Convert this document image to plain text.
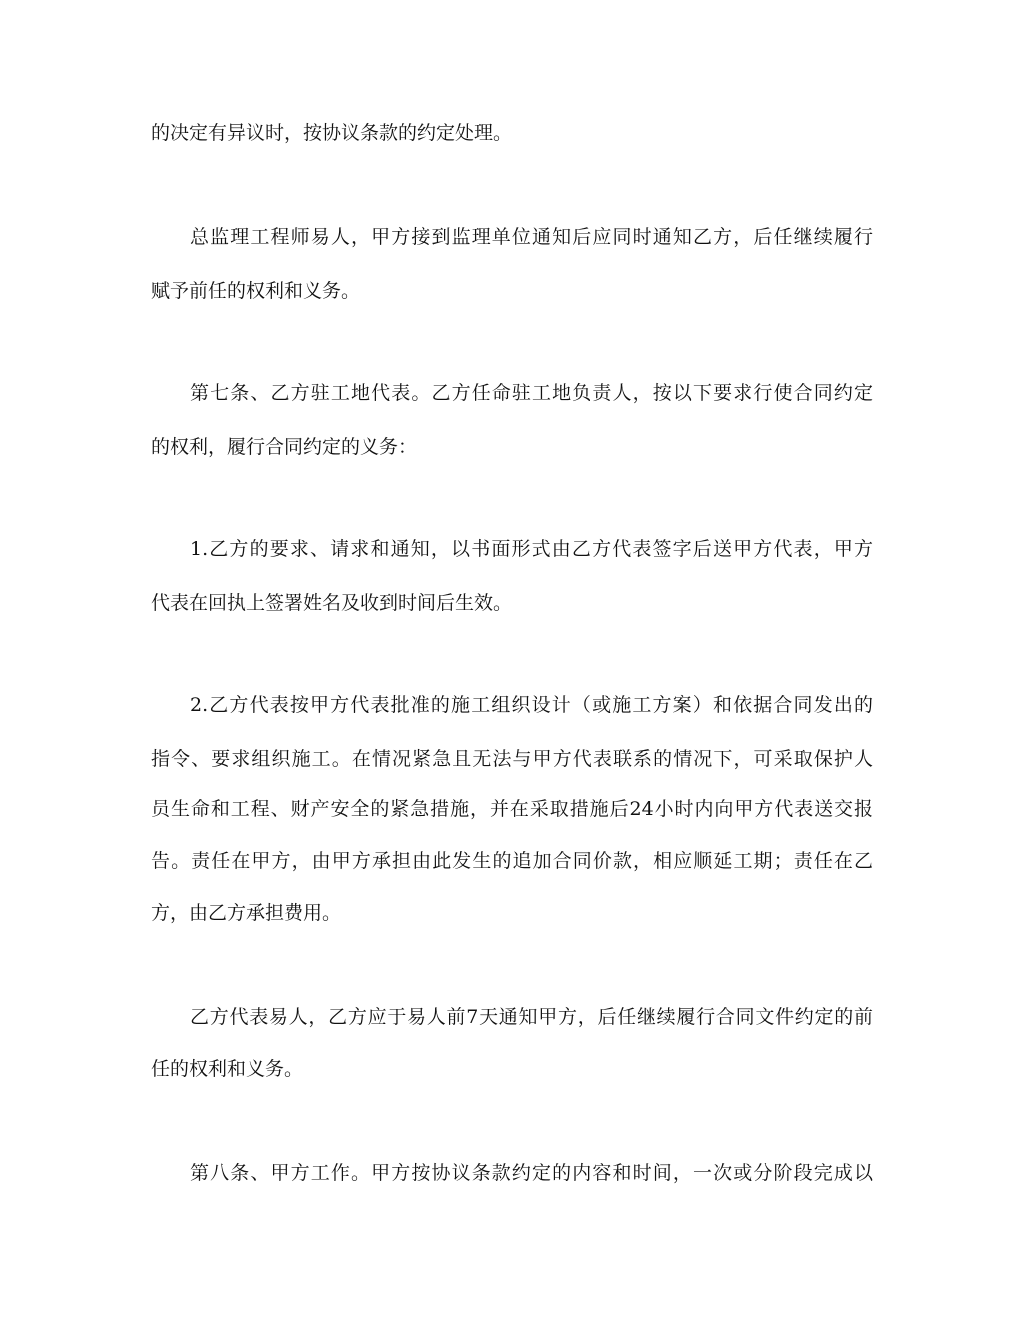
的决定有异议时，按协议条款的约定处理。
总监理工程师易人，甲方接到监理单位通知后应同时通知乙方，后任继续履行
赋予前任的权利和义务。
第七条、乙方驻工地代表。乙方任命驻工地负责人，按以下要求行使合同约定
的权利，履行合同约定的义务：
1.乙方的要求、请求和通知，以书面形式由乙方代表签字后送甲方代表，甲方
代表在回执上签署姓名及收到时间后生效。
2.乙方代表按甲方代表批准的施工组织设计（或施工方案）和依据合同发出的
指令、要求组织施工。在情况紧急且无法与甲方代表联系的情况下，可采取保护人
员生命和工程、财产安全的紧急措施，并在采取措施后24小时内向甲方代表送交报
告。责任在甲方，由甲方承担由此发生的追加合同价款，相应顺延工期；责任在乙
方，由乙方承担费用。
乙方代表易人，乙方应于易人前7天通知甲方，后任继续履行合同文件约定的前
任的权利和义务。
第八条、甲方工作。甲方按协议条款约定的内容和时间，一次或分阶段完成以
